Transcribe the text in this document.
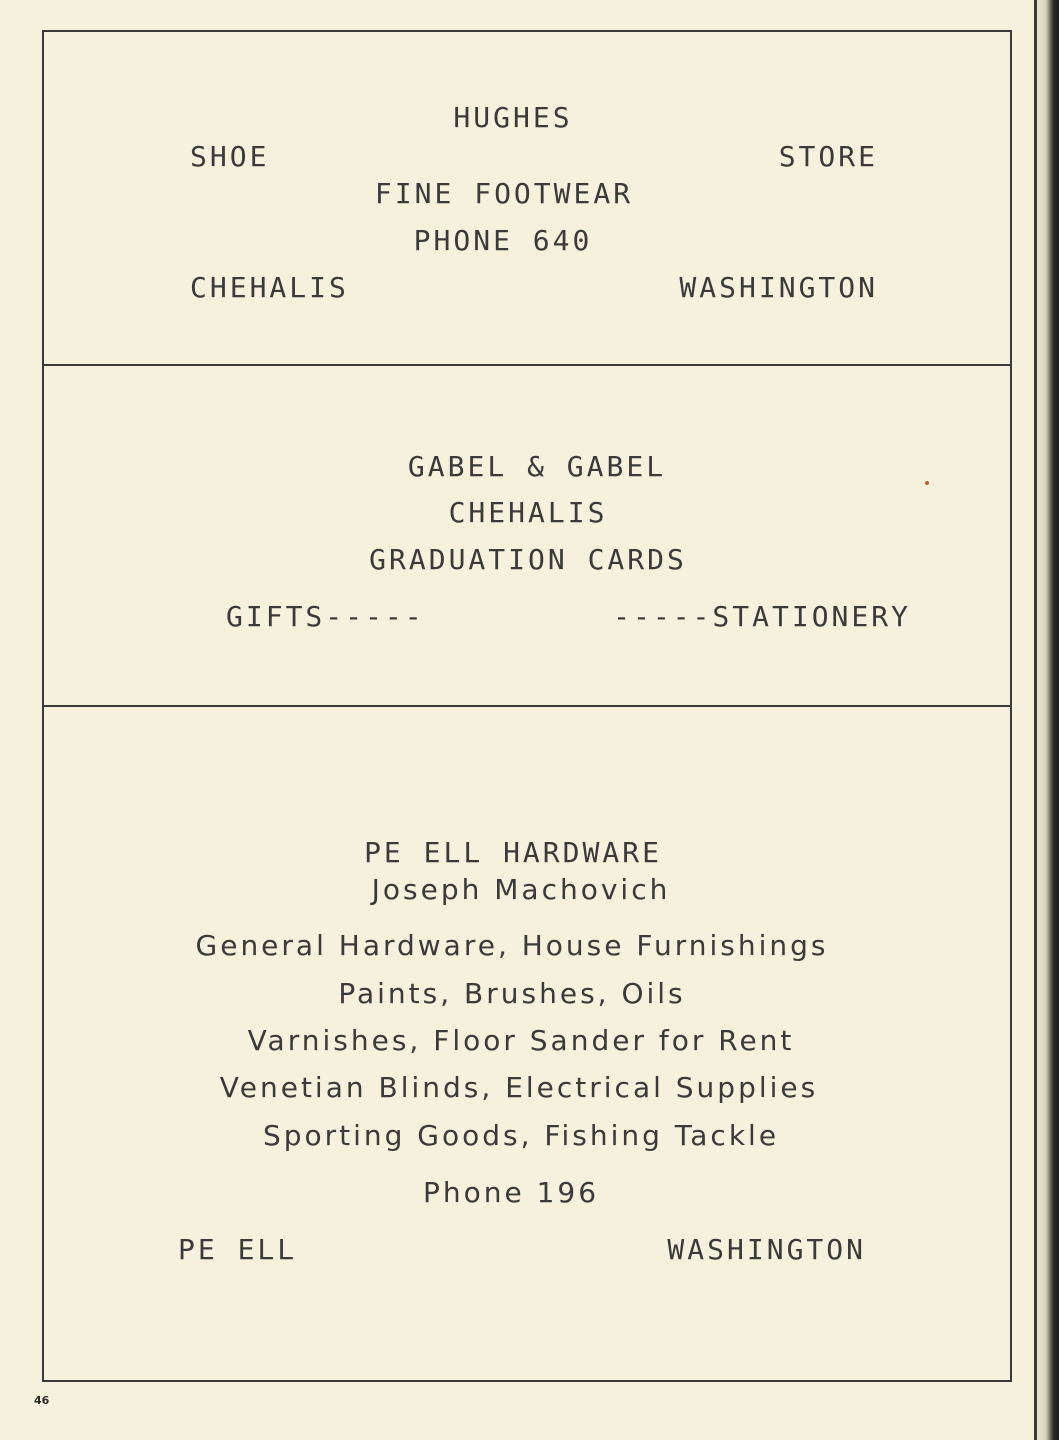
HUGHES
SHOE	STORE
FINE FOOTWEAR
PHONE 640
CHEHALIS	WASHINGTON
GABEL & GABEL
CHEHALIS
GRADUATION CARDS
GIFTS-----	-----STATIONERY
PE ELL HARDWARE
Joseph Machovich
General Hardware, House Furnishings
Paints, Brushes, Oils
Varnishes, Floor Sander for Rent
Venetian Blinds, Electrical Supplies
Sporting Goods, Fishing Tackle
Phone 196
PE ELL	WASHINGTON
46
